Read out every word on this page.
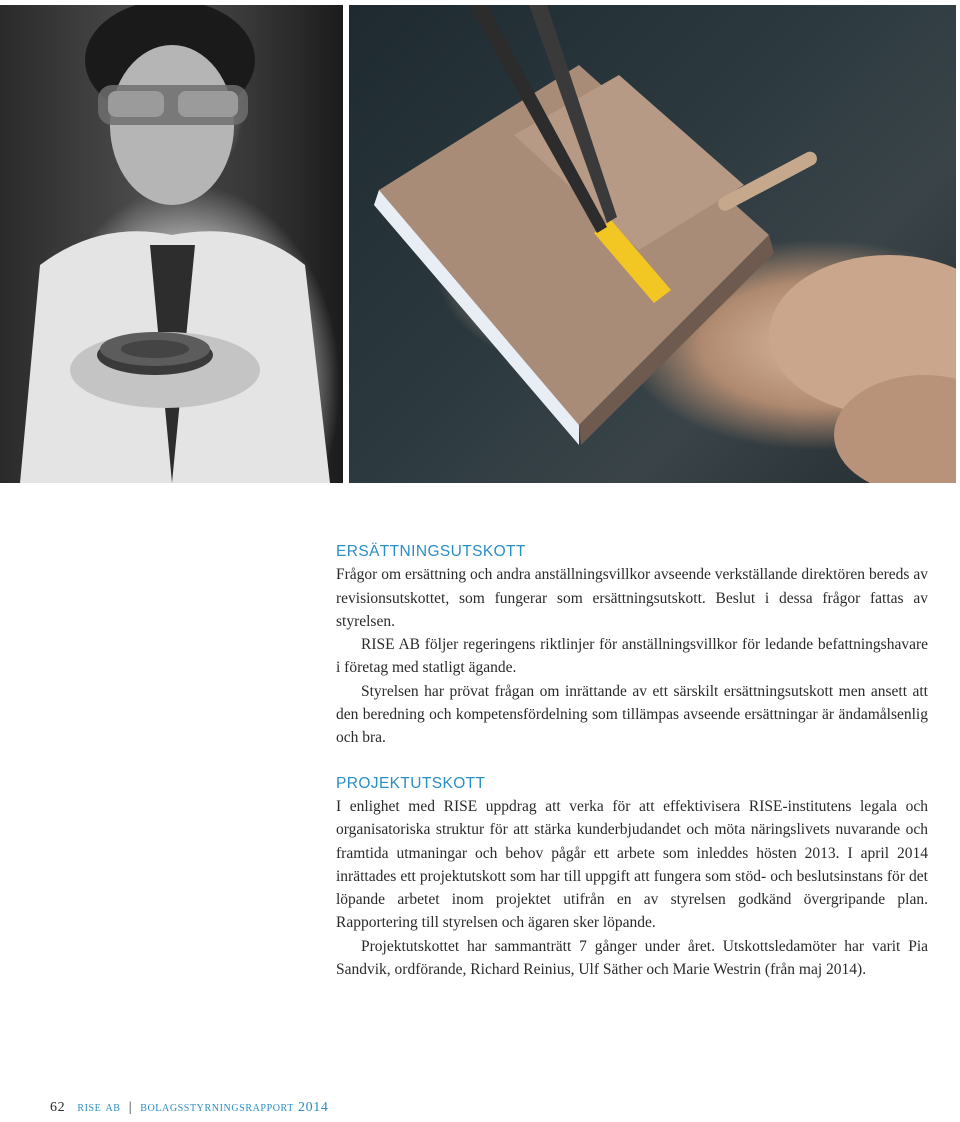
ERSÄTTNINGSUTSKOTT

Frågor om ersättning och andra anställningsvillkor avseende verkställande direktören bereds av revisionsutskottet, som fungerar som ersättningsutskott. Beslut i dessa frågor fattas av styrelsen.

RISE AB följer regeringens riktlinjer för anställningsvillkor för ledande befattningshavare i företag med statligt ägande.

Styrelsen har prövat frågan om inrättande av ett särskilt ersättningsutskott men ansett att den beredning och kompetensfördelning som tillämpas avseende ersättningar är ändamålsenlig och bra.

PROJEKTUTSKOTT

I enlighet med RISE uppdrag att verka för att effektivisera RISE-institutens legala och organisatoriska struktur för att stärka kunderbjudandet och möta näringslivets nuvarande och framtida utmaningar och behov pågår ett arbete som inleddes hösten 2013. I april 2014 inrättades ett projektutskott som har till uppgift att fungera som stöd- och beslutsinstans för det löpande arbetet inom projektet utifrån en av styrelsen godkänd övergripande plan. Rapportering till styrelsen och ägaren sker löpande.

Projektutskottet har sammanträtt 7 gånger under året. Utskottsledamöter har varit Pia Sandvik, ordförande, Richard Reinius, Ulf Säther och Marie Westrin (från maj 2014).

62 rise ab | bolagsstyrningsrapport 2014
